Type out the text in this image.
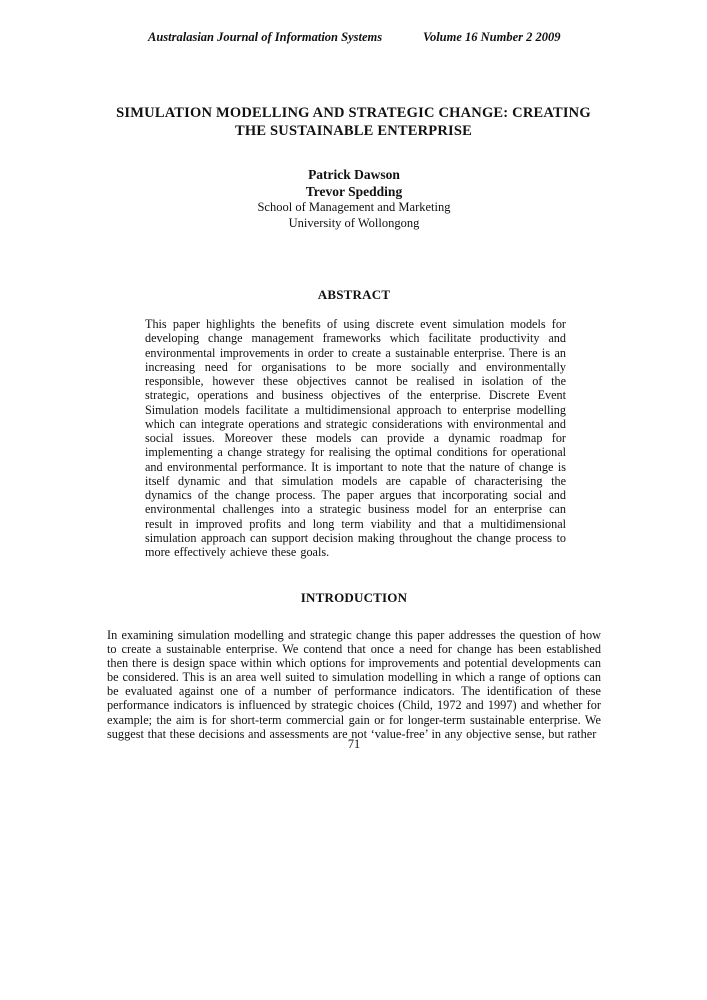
Australasian Journal of Information Systems	Volume 16 Number 2 2009
SIMULATION MODELLING AND STRATEGIC CHANGE: CREATING
THE SUSTAINABLE ENTERPRISE
Patrick Dawson
Trevor Spedding
School of Management and Marketing
University of Wollongong
ABSTRACT
This paper highlights the benefits of using discrete event simulation models for developing change management frameworks which facilitate productivity and environmental improvements in order to create a sustainable enterprise. There is an increasing need for organisations to be more socially and environmentally responsible, however these objectives cannot be realised in isolation of the strategic, operations and business objectives of the enterprise. Discrete Event Simulation models facilitate a multidimensional approach to enterprise modelling which can integrate operations and strategic considerations with environmental and social issues. Moreover these models can provide a dynamic roadmap for implementing a change strategy for realising the optimal conditions for operational and environmental performance. It is important to note that the nature of change is itself dynamic and that simulation models are capable of characterising the dynamics of the change process. The paper argues that incorporating social and environmental challenges into a strategic business model for an enterprise can result in improved profits and long term viability and that a multidimensional simulation approach can support decision making throughout the change process to more effectively achieve these goals.
INTRODUCTION
In examining simulation modelling and strategic change this paper addresses the question of how to create a sustainable enterprise. We contend that once a need for change has been established then there is design space within which options for improvements and potential developments can be considered. This is an area well suited to simulation modelling in which a range of options can be evaluated against one of a number of performance indicators. The identification of these performance indicators is influenced by strategic choices (Child, 1972 and 1997) and whether for example; the aim is for short-term commercial gain or for longer-term sustainable enterprise. We suggest that these decisions and assessments are not ‘value-free’ in any objective sense, but rather
71
